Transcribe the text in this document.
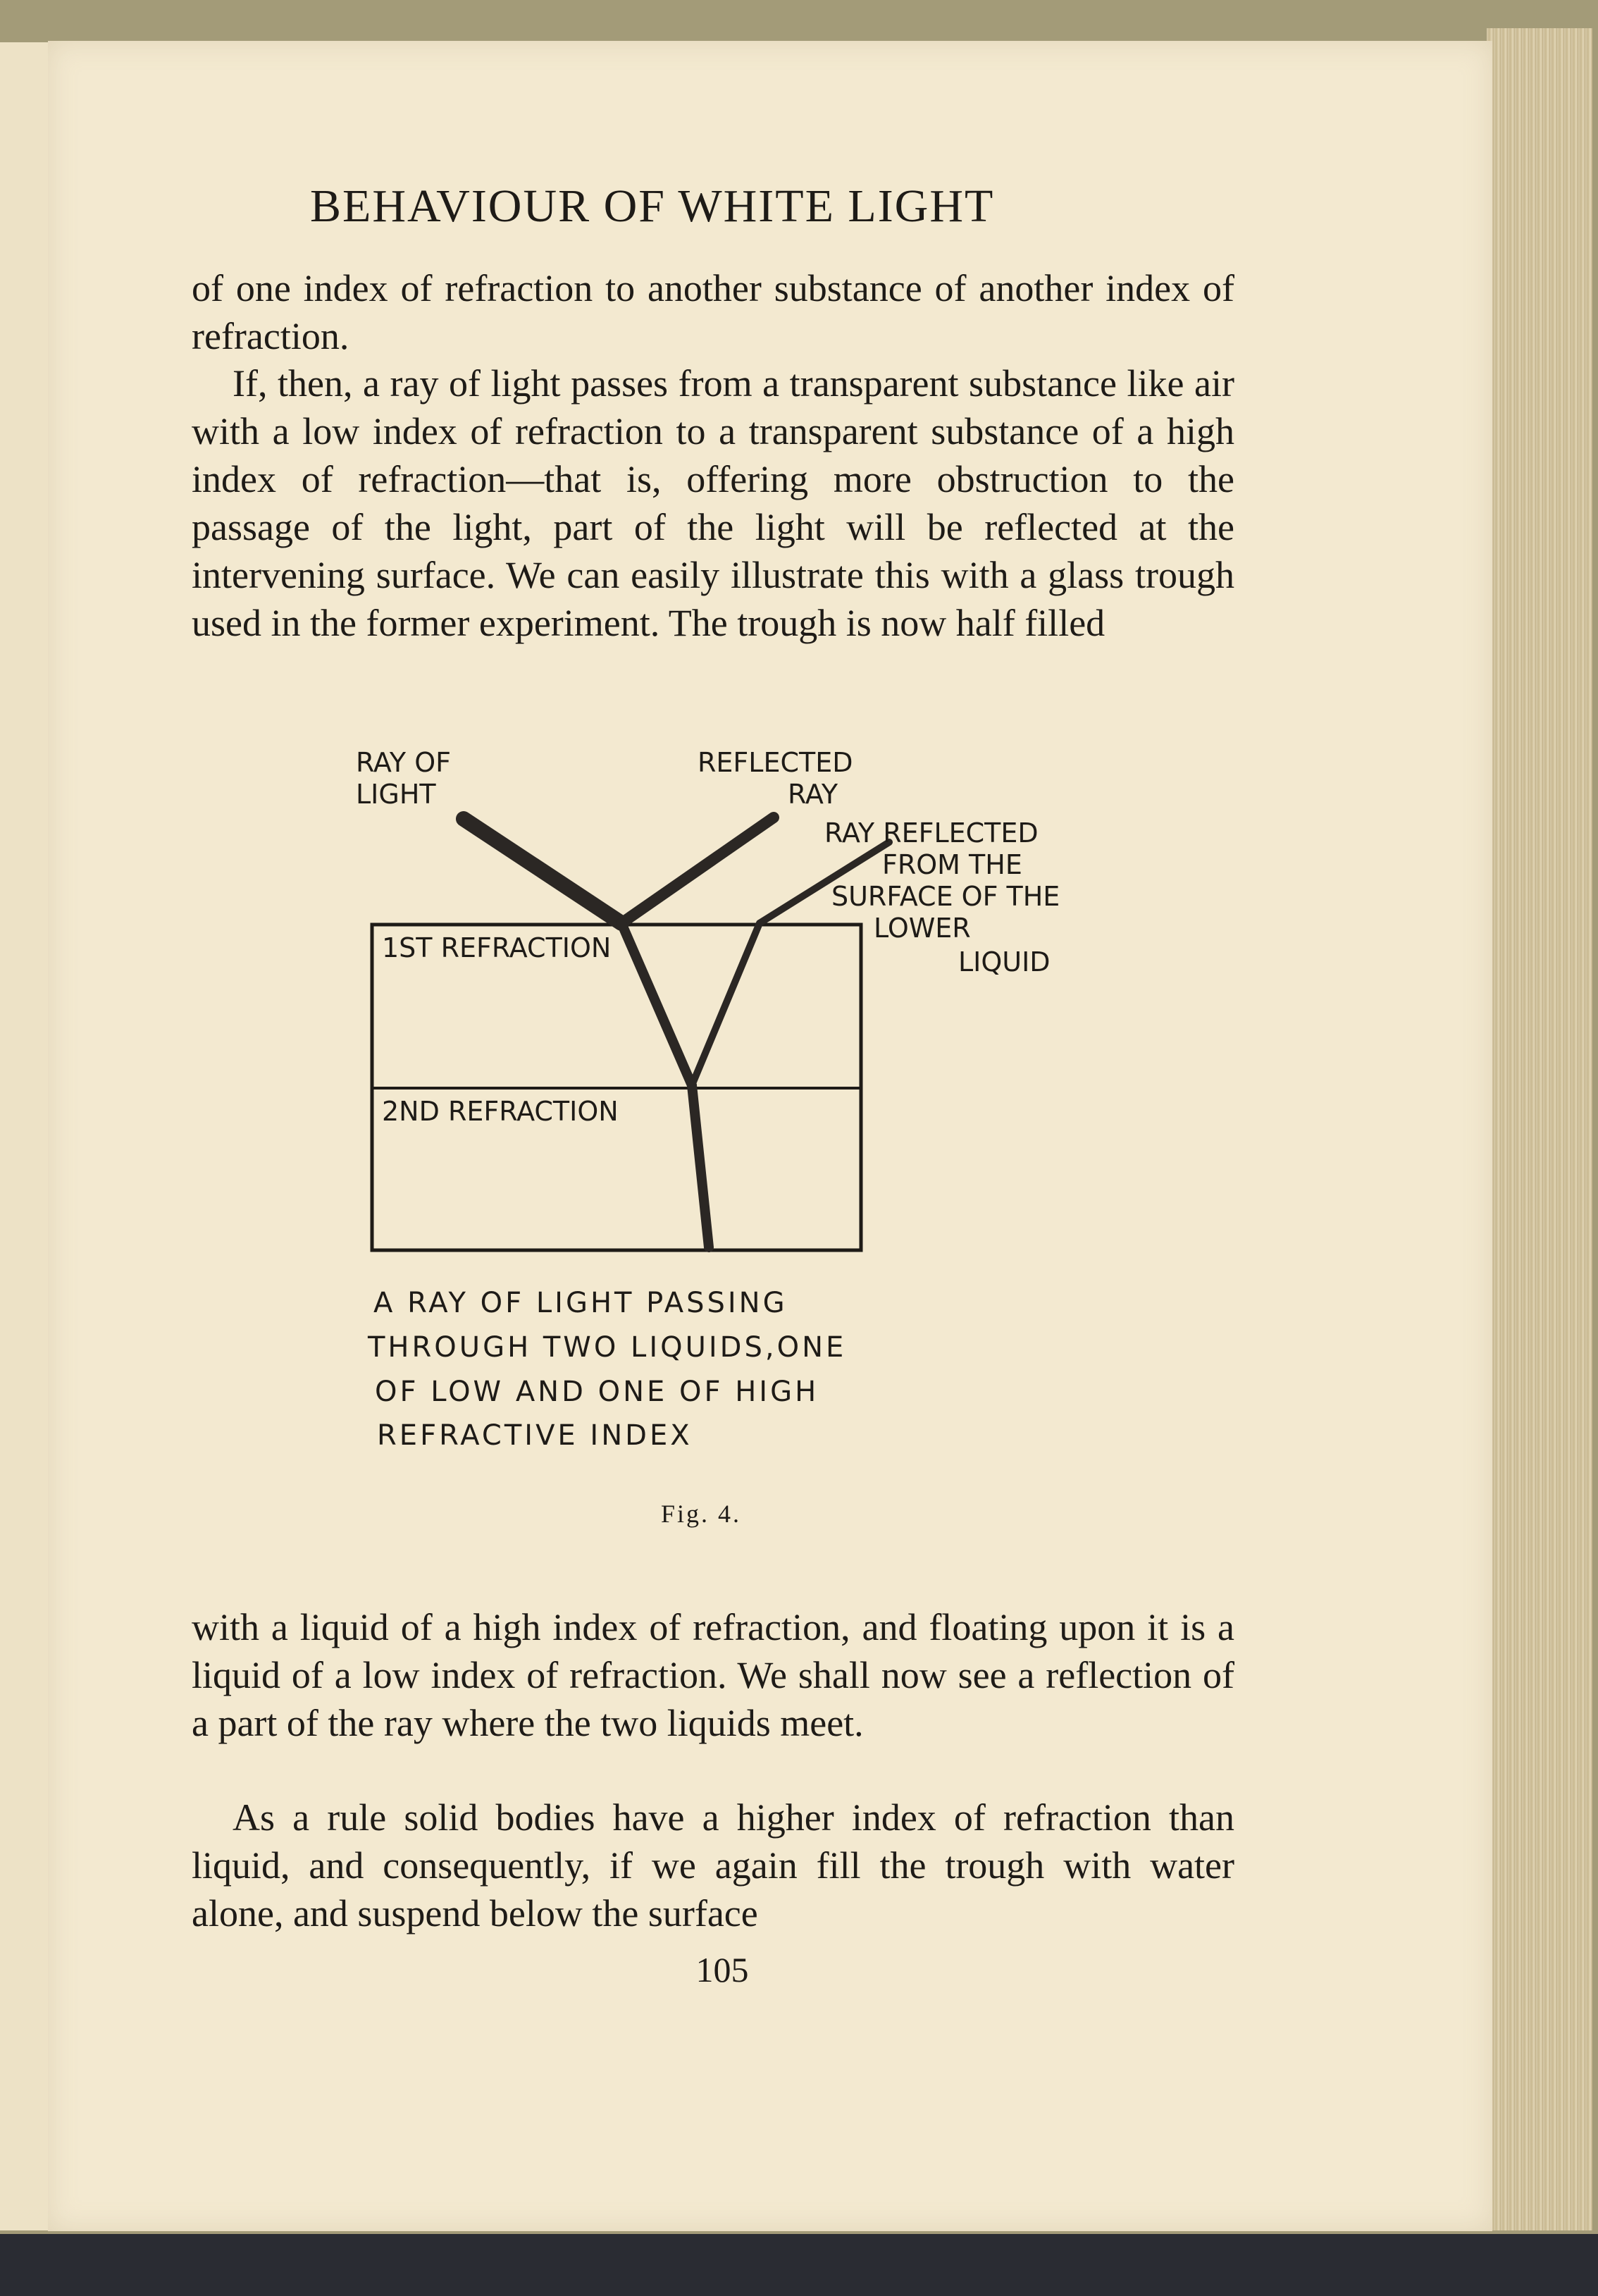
BEHAVIOUR OF WHITE LIGHT

of one index of refraction to another substance of another index of refraction.

If, then, a ray of light passes from a transparent substance like air with a low index of refraction to a transparent substance of a high index of refraction—that is, offering more obstruction to the passage of the light, part of the light will be reflected at the intervening surface. We can easily illustrate this with a glass trough used in the former experiment. The trough is now half filled

RAY OF
LIGHT
REFLECTED
RAY
RAY REFLECTED
FROM THE
SURFACE OF THE
LOWER
LIQUID
1ST REFRACTION
2ND REFRACTION
A RAY OF LIGHT PASSING
THROUGH TWO LIQUIDS,ONE
OF LOW AND ONE OF HIGH
REFRACTIVE INDEX
Fig. 4.

with a liquid of a high index of refraction, and floating upon it is a liquid of a low index of refraction. We shall now see a reflection of a part of the ray where the two liquids meet.

As a rule solid bodies have a higher index of refraction than liquid, and consequently, if we again fill the trough with water alone, and suspend below the surface

105
